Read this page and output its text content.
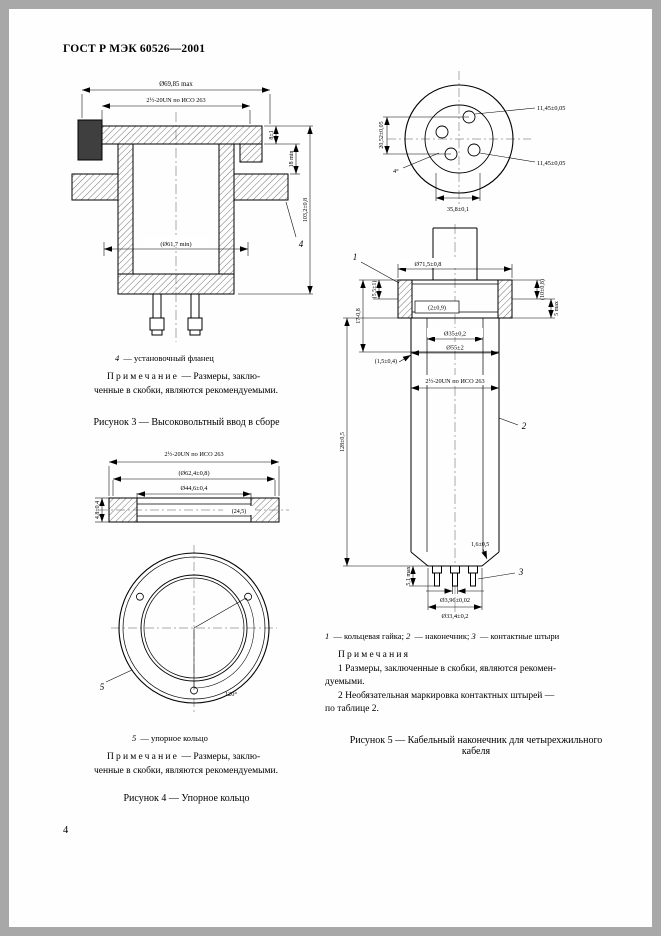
ГОСТ Р МЭК 60526—2001
Ø69,85 max
2½-20UN по ИСО 263
(Ø61,7 min)
8±1
18 min
103,2±0,8
4
4 — установочный фланец
Примечание — Размеры, заклю-
ченные в скобки, являются рекомендуемыми.
Рисунок 3 — Высоковольтный ввод в сборе
11,45±0,05
11,45±0,05
20,52±0,05
4°
35,8±0,1
Ø71,5±0,8
(2±0,9)
(5,5±1)
17-0,8
128±0,5
(10±0,8)
5 max
Ø35±0,2
Ø55±2
(1,5±0,4)
2½-20UN по ИСО 263
1,6±0,5
5,1 max
Ø3,96±0,02
Ø33,4±0,2
1
2
3
2½-20UN по ИСО 263
(Ø62,4±0,8)
Ø44,6±0,4
(24,5)
4,8±0,4
120°
5
5 — упорное кольцо
Примечание — Размеры, заклю-
ченные в скобки, являются рекомендуемыми.
Рисунок 4 — Упорное кольцо
1 — кольцевая гайка; 2 — наконечник; 3 — контактные штыри
Примечания
1 Размеры, заключенные в скобки, являются рекомен-
дуемыми.
2 Необязательная маркировка контактных штырей —
по таблице 2.
Рисунок 5 — Кабельный наконечник для четырехжильного
кабеля
4
